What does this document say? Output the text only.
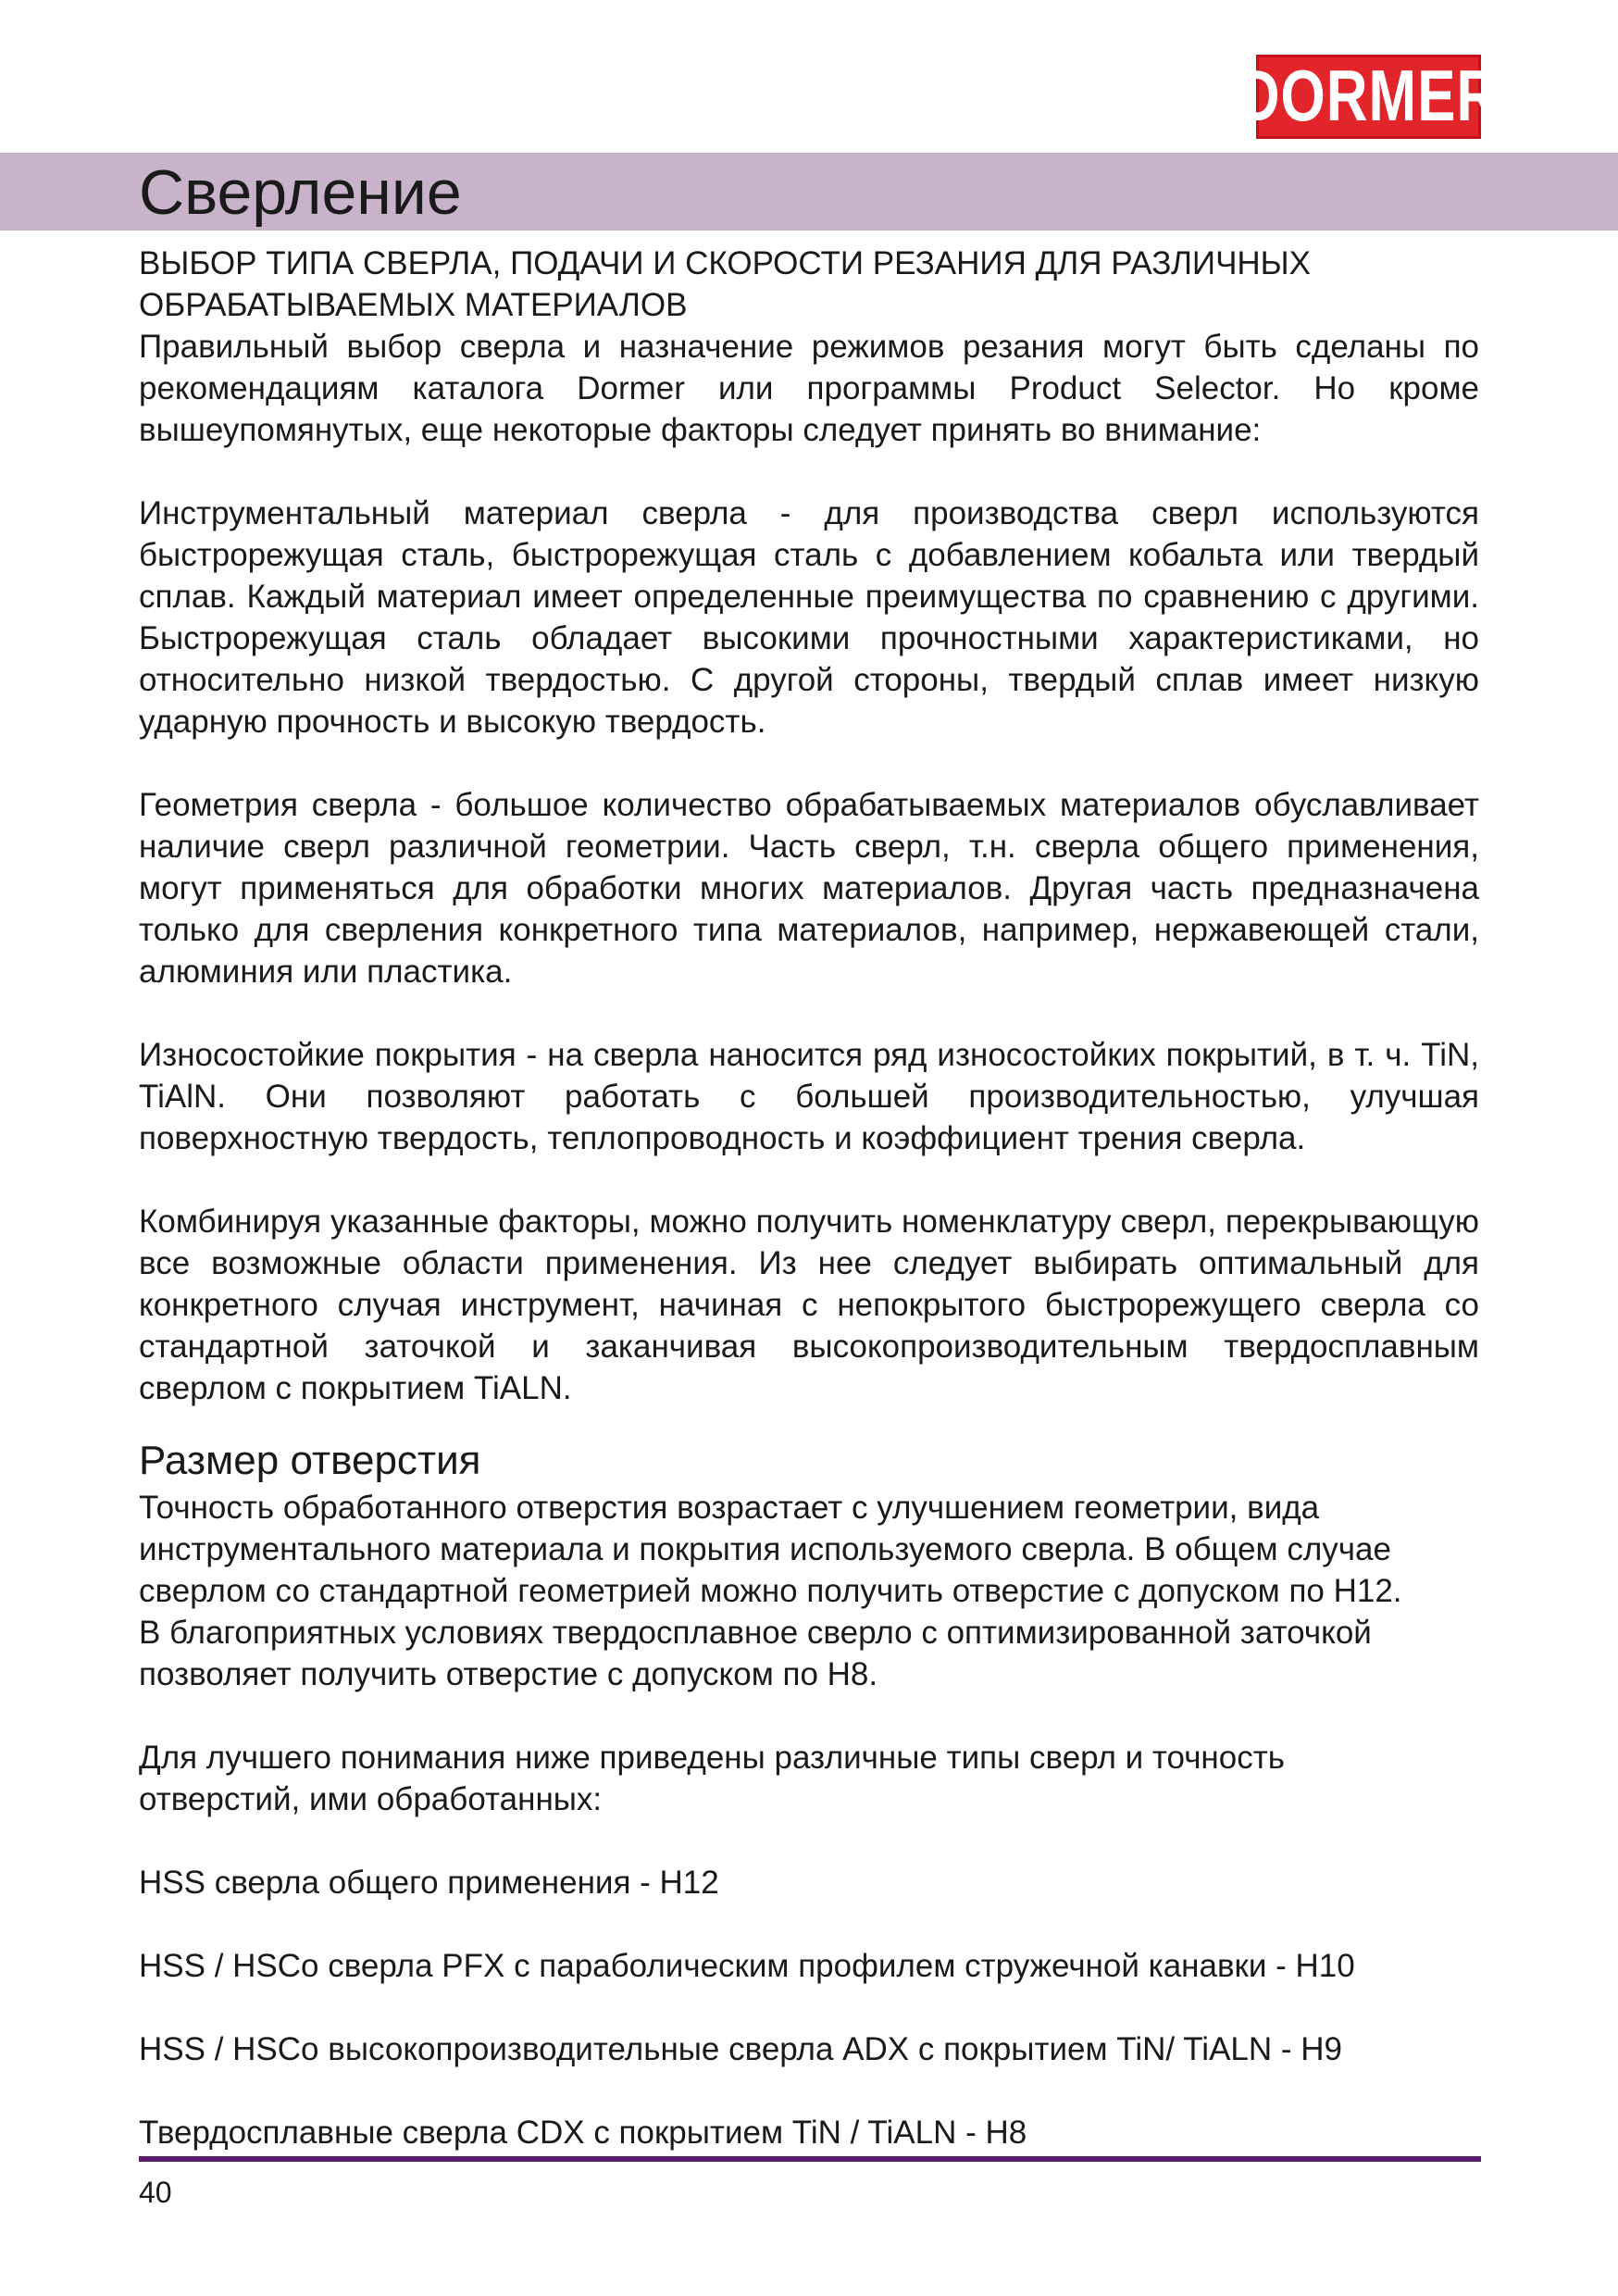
DORMER
Сверление

ВЫБОР ТИПА СВЕРЛА, ПОДАЧИ И СКОРОСТИ РЕЗАНИЯ ДЛЯ РАЗЛИЧНЫХ ОБРАБАТЫВАЕМЫХ МАТЕРИАЛОВ

Правильный выбор сверла и назначение режимов резания могут быть сделаны по рекомендациям каталога Dormer или программы Product Selector. Но кроме вышеупомянутых, еще некоторые факторы следует принять во внимание:

Инструментальный материал сверла - для производства сверл используются быстрорежущая сталь, быстрорежущая сталь с добавлением кобальта или твердый сплав. Каждый материал имеет определенные преимущества по сравнению с другими. Быстрорежущая сталь обладает высокими прочностными характеристиками, но относительно низкой твердостью. С другой стороны, твердый сплав имеет низкую ударную прочность и высокую твердость.

Геометрия сверла - большое количество обрабатываемых материалов обуславливает наличие сверл различной геометрии. Часть сверл, т.н. сверла общего применения, могут применяться для обработки многих материалов. Другая часть предназначена только для сверления конкретного типа материалов, например, нержавеющей стали, алюминия или пластика.

Износостойкие покрытия - на сверла наносится ряд износостойких покрытий, в т. ч. TiN, TiAlN. Они позволяют работать с большей производительностью, улучшая поверхностную твердость, теплопроводность и коэффициент трения сверла.

Комбинируя указанные факторы, можно получить номенклатуру сверл, перекрывающую все возможные области применения. Из нее следует выбирать оптимальный для конкретного случая инструмент, начиная с непокрытого быстрорежущего сверла со стандартной заточкой и заканчивая высокопроизводительным твердосплавным сверлом с покрытием TiALN.

Размер отверстия

Точность обработанного отверстия возрастает с улучшением геометрии, вида инструментального материала и покрытия используемого сверла. В общем случае сверлом со стандартной геометрией можно получить отверстие с допуском по H12. В благоприятных условиях твердосплавное сверло с оптимизированной заточкой позволяет получить отверстие с допуском по H8.

Для лучшего понимания ниже приведены различные типы сверл и точность отверстий, ими обработанных:

HSS сверла общего применения - H12

HSS / HSCo сверла PFX с параболическим профилем стружечной канавки - H10

HSS / HSCo высокопроизводительные сверла ADX с покрытием TiN/ TiALN - H9

Твердосплавные сверла CDX с покрытием TiN / TiALN - H8

40
